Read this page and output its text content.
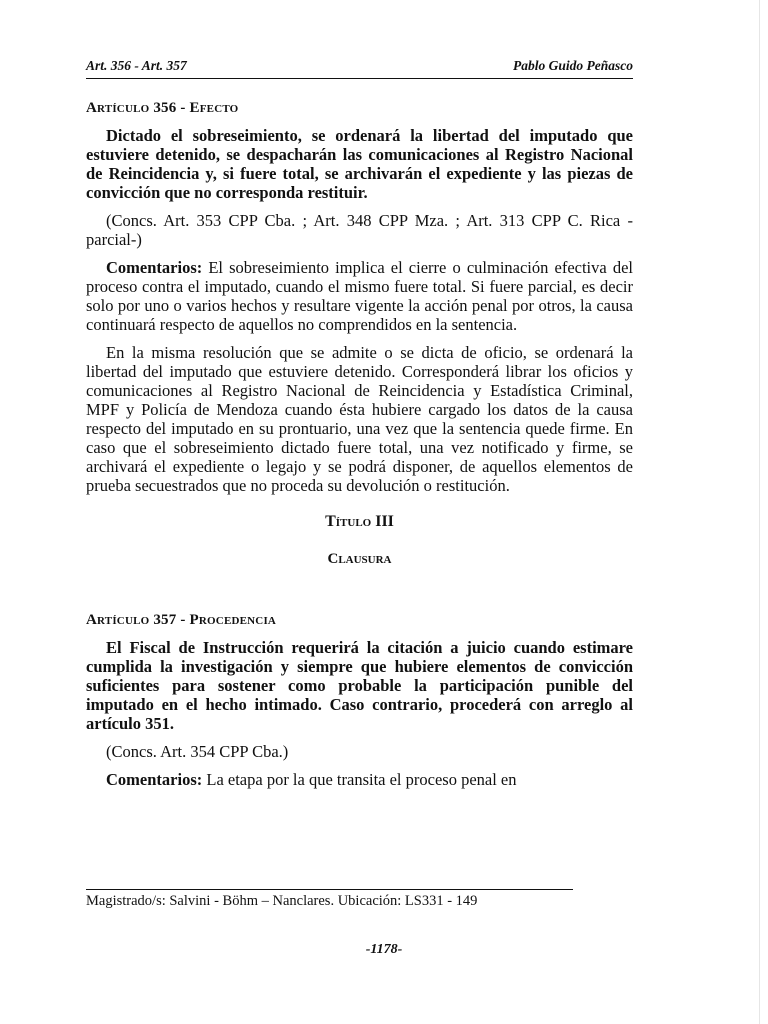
Art. 356 - Art. 357	Pablo Guido Peñasco
Artículo 356 - Efecto

Dictado el sobreseimiento, se ordenará la libertad del imputado que estuviere detenido, se despacharán las comunicaciones al Registro Nacional de Reincidencia y, si fuere total, se archivarán el expediente y las piezas de convicción que no corresponda restituir.

(Concs. Art. 353 CPP Cba. ; Art. 348 CPP Mza. ; Art. 313 CPP C. Rica -parcial-)

Comentarios: El sobreseimiento implica el cierre o culminación efectiva del proceso contra el imputado, cuando el mismo fuere total. Si fuere parcial, es decir solo por uno o varios hechos y resultare vigente la acción penal por otros, la causa continuará respecto de aquellos no comprendidos en la sentencia.

En la misma resolución que se admite o se dicta de oficio, se ordenará la libertad del imputado que estuviere detenido. Corresponderá librar los oficios y comunicaciones al Registro Nacional de Reincidencia y Estadística Criminal, MPF y Policía de Mendoza cuando ésta hubiere cargado los datos de la causa respecto del imputado en su prontuario, una vez que la sentencia quede firme. En caso que el sobreseimiento dictado fuere total, una vez notificado y firme, se archivará el expediente o legajo y se podrá disponer, de aquellos elementos de prueba secuestrados que no proceda su devolución o restitución.

Título III
Clausura
Artículo 357 - Procedencia

El Fiscal de Instrucción requerirá la citación a juicio cuando estimare cumplida la investigación y siempre que hubiere elementos de convicción suficientes para sostener como probable la participación punible del imputado en el hecho intimado. Caso contrario, procederá con arreglo al artículo 351.

(Concs. Art. 354 CPP Cba.)

Comentarios: La etapa por la que transita el proceso penal en

Magistrado/s: Salvini - Böhm – Nanclares. Ubicación: LS331 - 149
-1178-
